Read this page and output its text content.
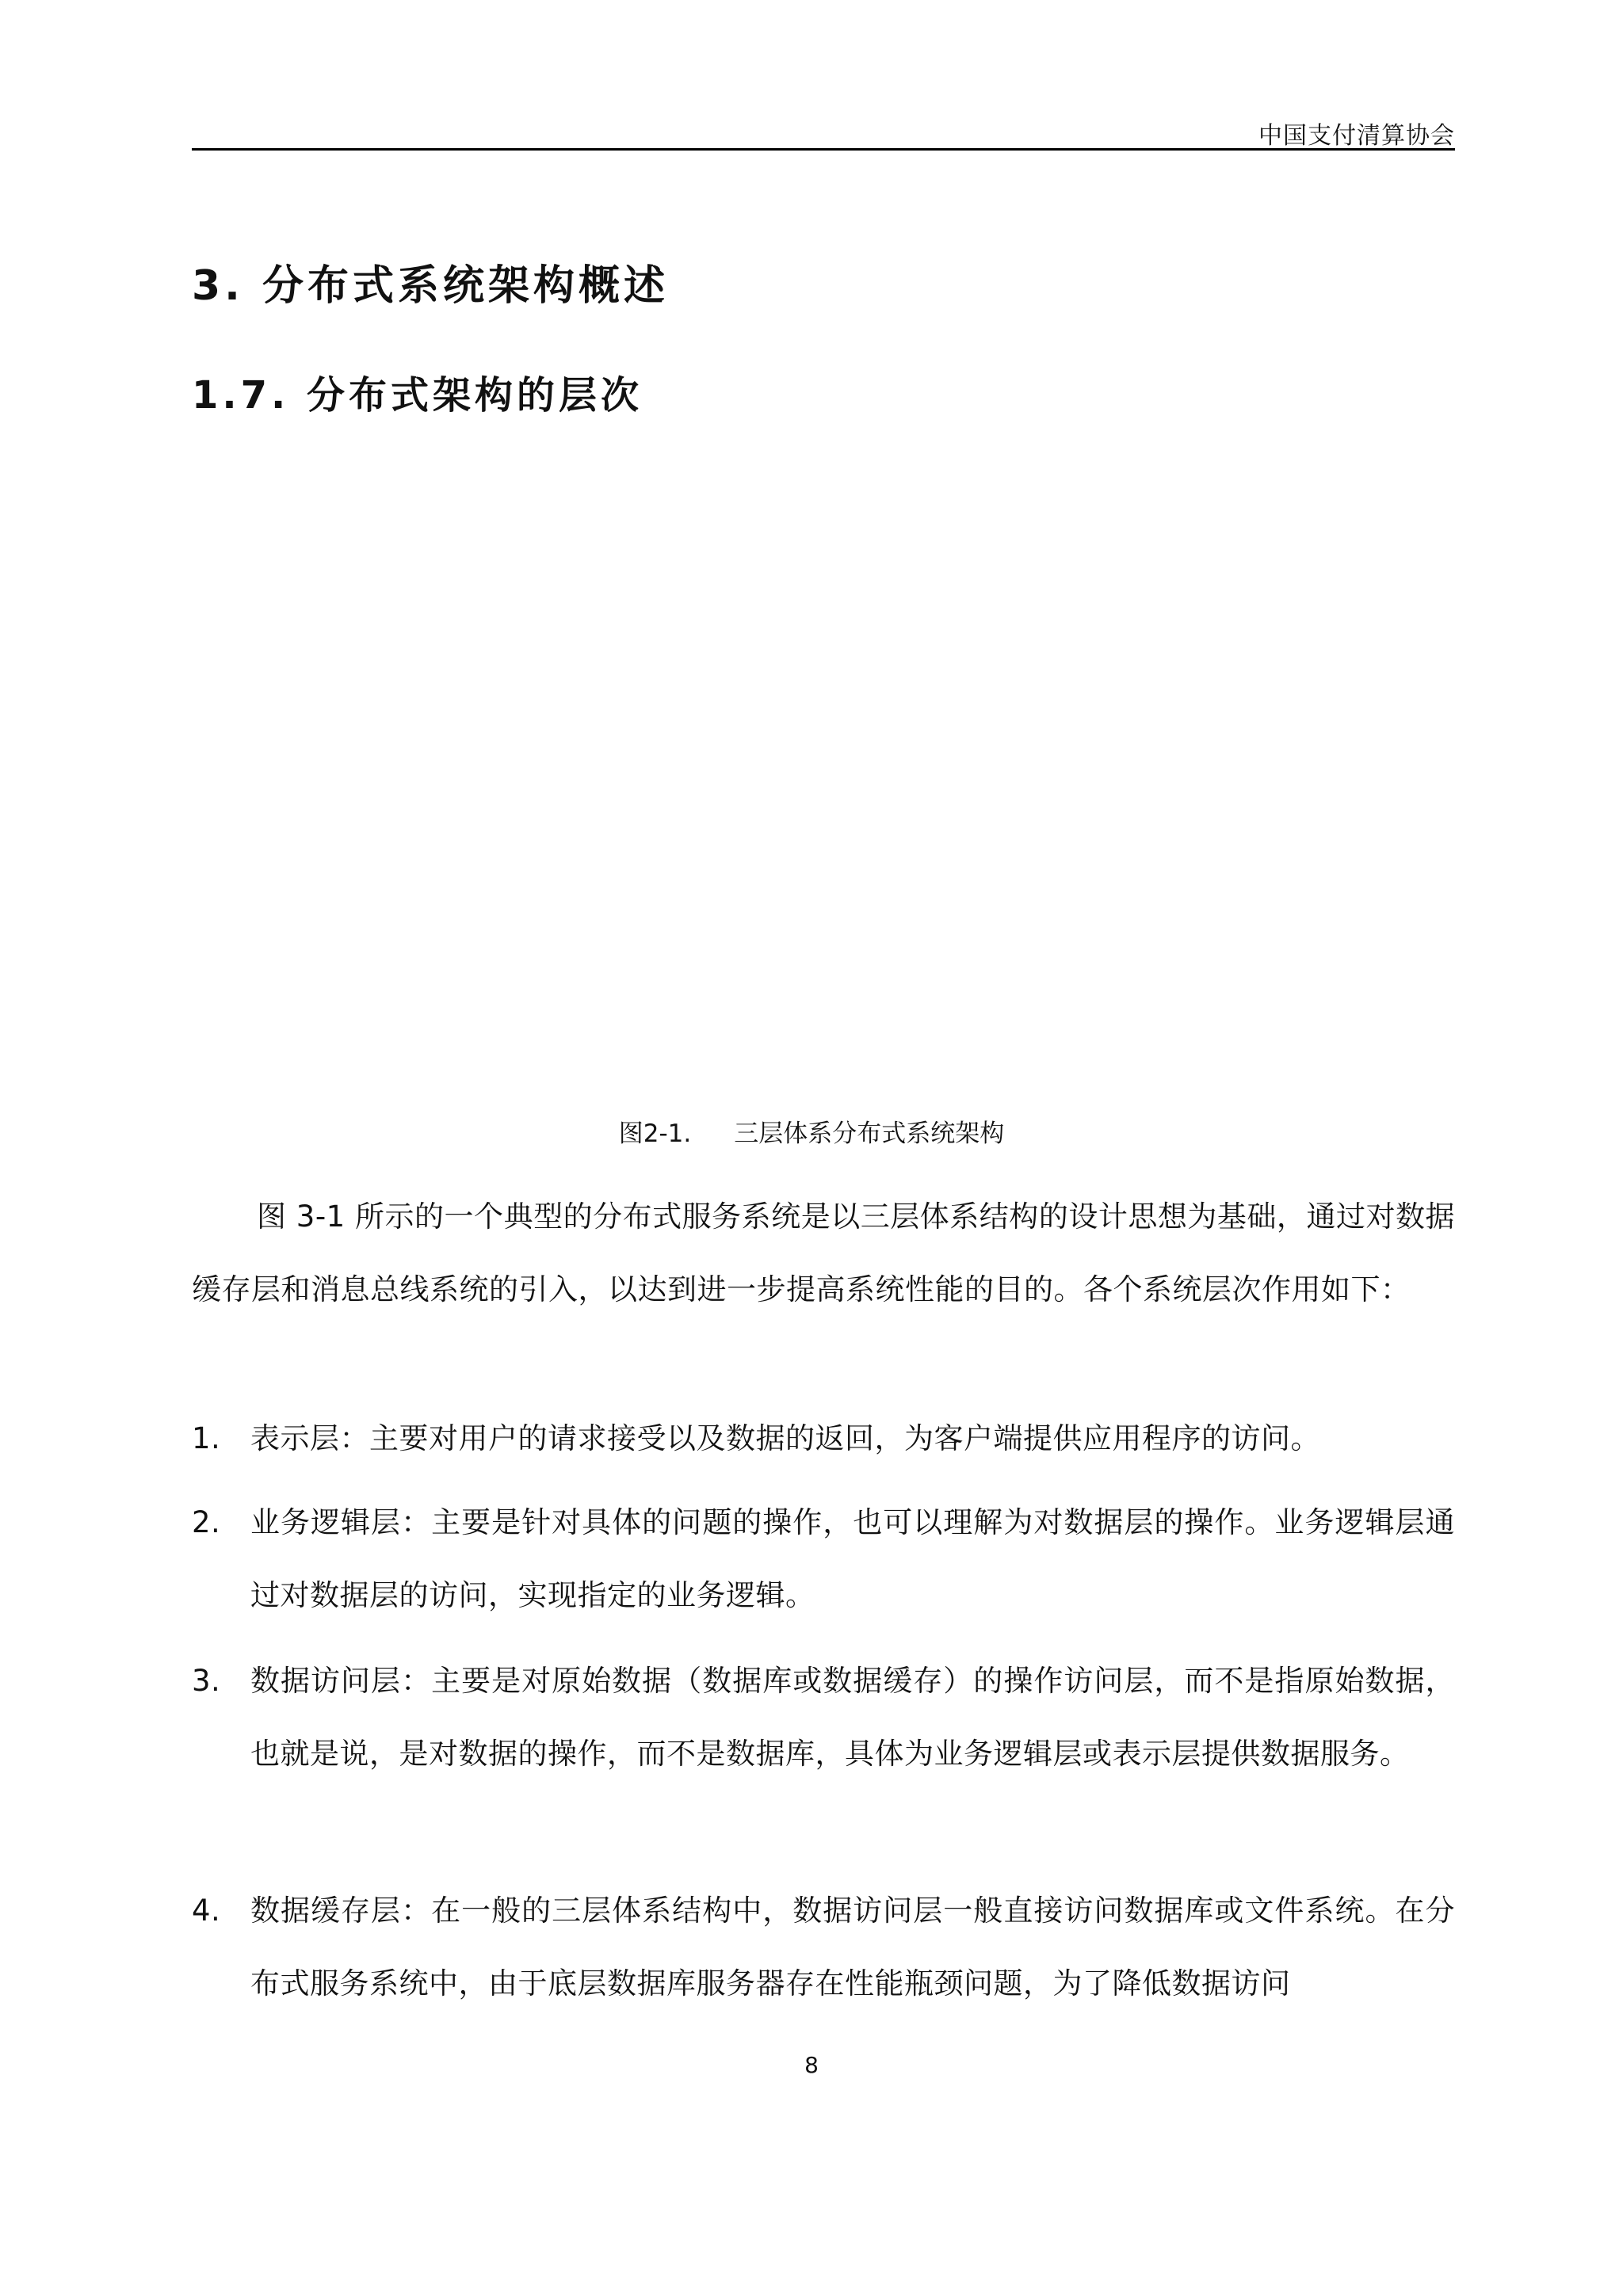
中国支付清算协会
3. 分布式系统架构概述
1.7. 分布式架构的层次
图2-1. 三层体系分布式系统架构
图 3-1 所示的一个典型的分布式服务系统是以三层体系结构的设计思想为基础，通过对数据缓存层和消息总线系统的引入，以达到进一步提高系统性能的目的。各个系统层次作用如下：
1.	表示层：主要对用户的请求接受以及数据的返回，为客户端提供应用程序的访问。
2.	业务逻辑层：主要是针对具体的问题的操作，也可以理解为对数据层的操作。业务逻辑层通过对数据层的访问，实现指定的业务逻辑。
3.	数据访问层：主要是对原始数据（数据库或数据缓存）的操作访问层，而不是指原始数据，也就是说，是对数据的操作，而不是数据库，具体为业务逻辑层或表示层提供数据服务。
4.	数据缓存层：在一般的三层体系结构中，数据访问层一般直接访问数据库或文件系统。在分布式服务系统中，由于底层数据库服务器存在性能瓶颈问题，为了降低数据访问
8
